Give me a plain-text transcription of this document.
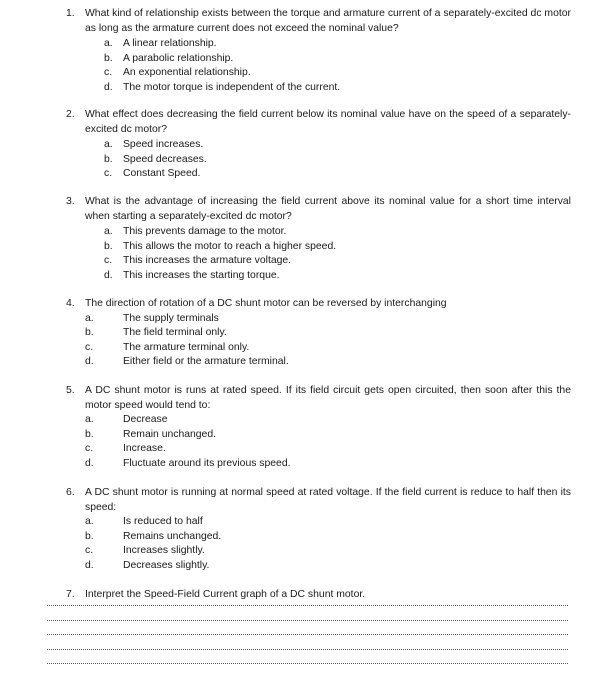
1. What kind of relationship exists between the torque and armature current of a separately-excited dc motor as long as the armature current does not exceed the nominal value?
a. A linear relationship.
b. A parabolic relationship.
c. An exponential relationship.
d. The motor torque is independent of the current.
2. What effect does decreasing the field current below its nominal value have on the speed of a separately-excited dc motor?
a. Speed increases.
b. Speed decreases.
c. Constant Speed.
3. What is the advantage of increasing the field current above its nominal value for a short time interval when starting a separately-excited dc motor?
a. This prevents damage to the motor.
b. This allows the motor to reach a higher speed.
c. This increases the armature voltage.
d. This increases the starting torque.
4. The direction of rotation of a DC shunt motor can be reversed by interchanging
a.	The supply terminals
b.	The field terminal only.
c.	The armature terminal only.
d.	Either field or the armature terminal.
5. A DC shunt motor is runs at rated speed. If its field circuit gets open circuited, then soon after this the motor speed would tend to:
a.	Decrease
b.	Remain unchanged.
c.	Increase.
d.	Fluctuate around its previous speed.
6. A DC shunt motor is running at normal speed at rated voltage. If the field current is reduce to half then its speed:
a.	Is reduced to half
b.	Remains unchanged.
c.	Increases slightly.
d.	Decreases slightly.
7. Interpret the Speed-Field Current graph of a DC shunt motor.
